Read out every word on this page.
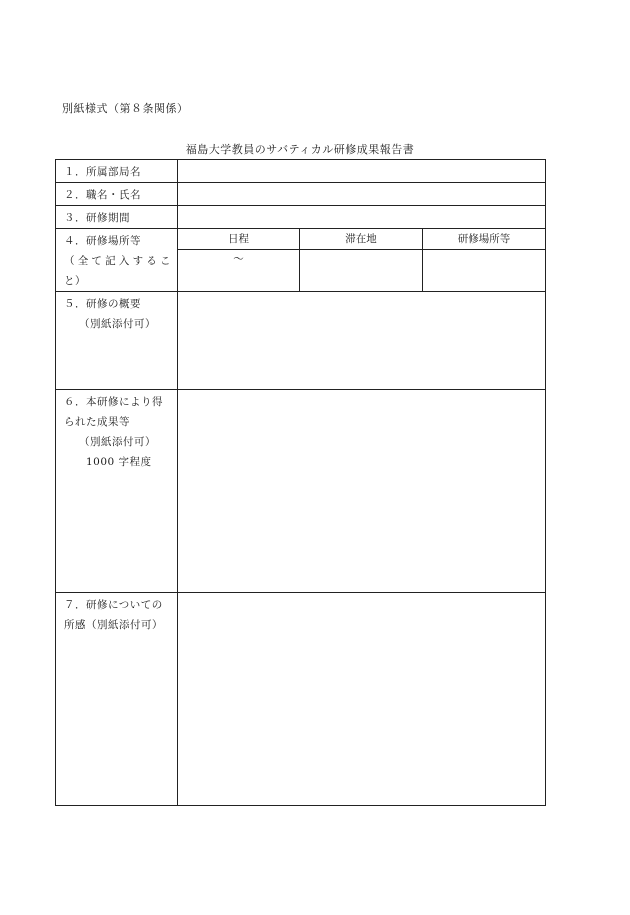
別紙様式（第８条関係）
福島大学教員のサバティカル研修成果報告書
１．所属部局名			
２．職名・氏名			
３．研修期間			

４．研修場所等
（全て記入するこ
と）	日程	滞在地	研修場所等
	～		

５．研修の概要
（別紙添付可）			

６．本研修により得
られた成果等
（別紙添付可）
1000 字程度			

７．研修についての
所感（別紙添付可）			
